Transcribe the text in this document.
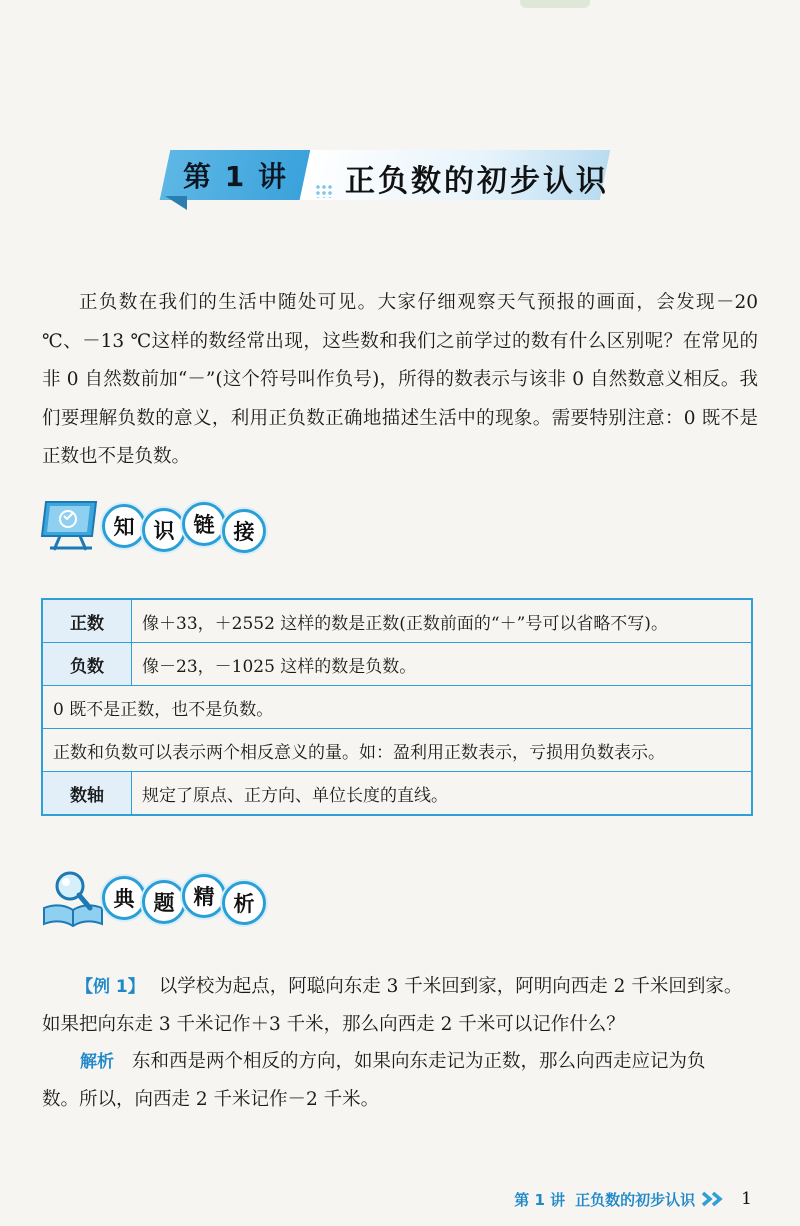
第 1 讲 正负数的初步认识

正负数在我们的生活中随处可见。大家仔细观察天气预报的画面，会发现－20 ℃、－13 ℃这样的数经常出现，这些数和我们之前学过的数有什么区别呢？在常见的非 0 自然数前加“－”(这个符号叫作负号)，所得的数表示与该非 0 自然数意义相反。我们要理解负数的意义，利用正负数正确地描述生活中的现象。需要特别注意：0 既不是正数也不是负数。

知 识 链 接
正数	像＋33，＋2552 这样的数是正数(正数前面的“＋”号可以省略不写)。
负数	像－23，－1025 这样的数是负数。
0 既不是正数，也不是负数。	
正数和负数可以表示两个相反意义的量。如：盈利用正数表示，亏损用负数表示。	
数轴	规定了原点、正方向、单位长度的直线。
典 题 精 析

【例 1】 以学校为起点，阿聪向东走 3 千米回到家，阿明向西走 2 千米回到家。

如果把向东走 3 千米记作＋3 千米，那么向西走 2 千米可以记作什么？

解析 东和西是两个相反的方向，如果向东走记为正数，那么向西走应记为负

数。所以，向西走 2 千米记作－2 千米。

第 1 讲 正负数的初步认识	1
